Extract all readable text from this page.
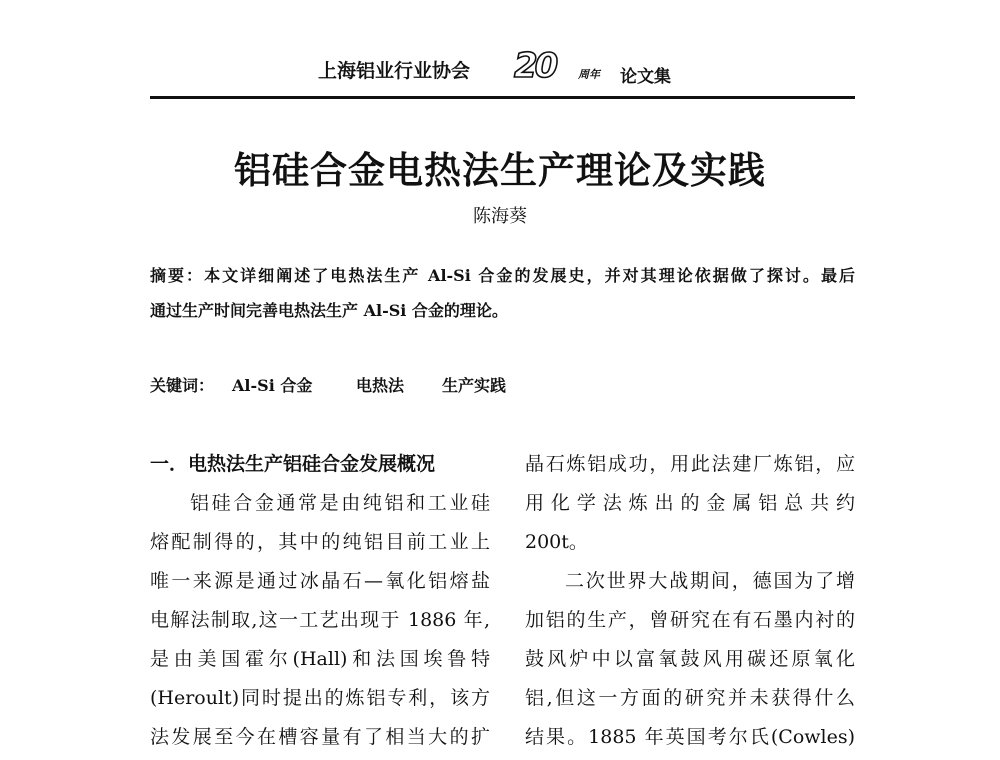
上海铝业行业协会 20 周年 论文集
铝硅合金电热法生产理论及实践
陈海葵
摘要：本文详细阐述了电热法生产 Al-Si 合金的发展史，并对其理论依据做了探讨。最后
通过生产时间完善电热法生产 Al-Si 合金的理论。
关键词： Al-Si 合金	电热法 生产实践
一．电热法生产铝硅合金发展概况
铝硅合金通常是由纯铝和工业硅
熔配制得的，其中的纯铝目前工业上
唯一来源是通过冰晶石—氧化铝熔盐
电解法制取,这一工艺出现于 1886 年,
是由美国霍尔(Hall)和法国埃鲁特
(Heroult)同时提出的炼铝专利，该方
法发展至今在槽容量有了相当大的扩
晶石炼铝成功，用此法建厂炼铝，应
用化学法炼出的金属铝总共约
200t。
二次世界大战期间，德国为了增
加铝的生产，曾研究在有石墨内衬的
鼓风炉中以富氧鼓风用碳还原氧化
铝,但这一方面的研究并未获得什么
结果。1885 年英国考尔氏(Cowles)
